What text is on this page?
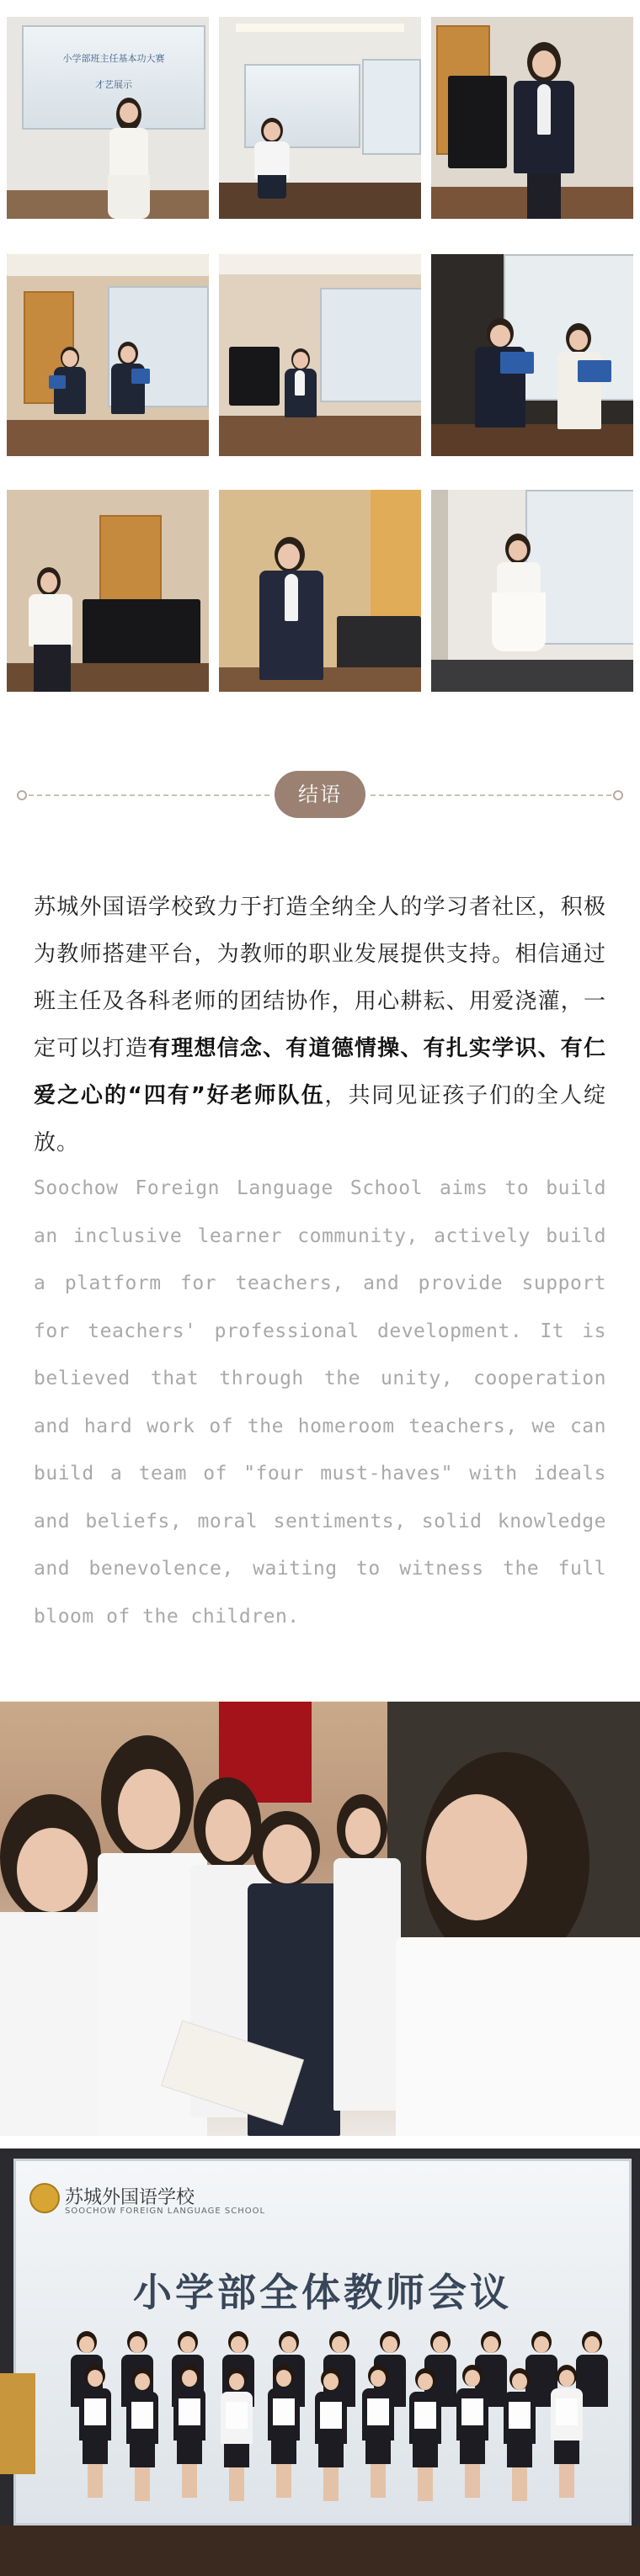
小学部班主任基本功大赛
才艺展示
结语
苏城外国语学校致力于打造全纳全人的学习者社区，积极为教师搭建平台，为教师的职业发展提供支持。相信通过班主任及各科老师的团结协作，用心耕耘、用爱浇灌，一定可以打造有理想信念、有道德情操、有扎实学识、有仁爱之心的“四有”好老师队伍，共同见证孩子们的全人绽放。
Soochow Foreign Language School aims to build an inclusive learner community, actively build a platform for teachers, and provide support for teachers' professional development. It is believed that through the unity, cooperation and hard work of the homeroom teachers, we can build a team of "four must-haves" with ideals and beliefs, moral sentiments, solid knowledge and benevolence, waiting to witness the full bloom of the children.
苏城外国语学校
SOOCHOW FOREIGN LANGUAGE SCHOOL
小学部全体教师会议
